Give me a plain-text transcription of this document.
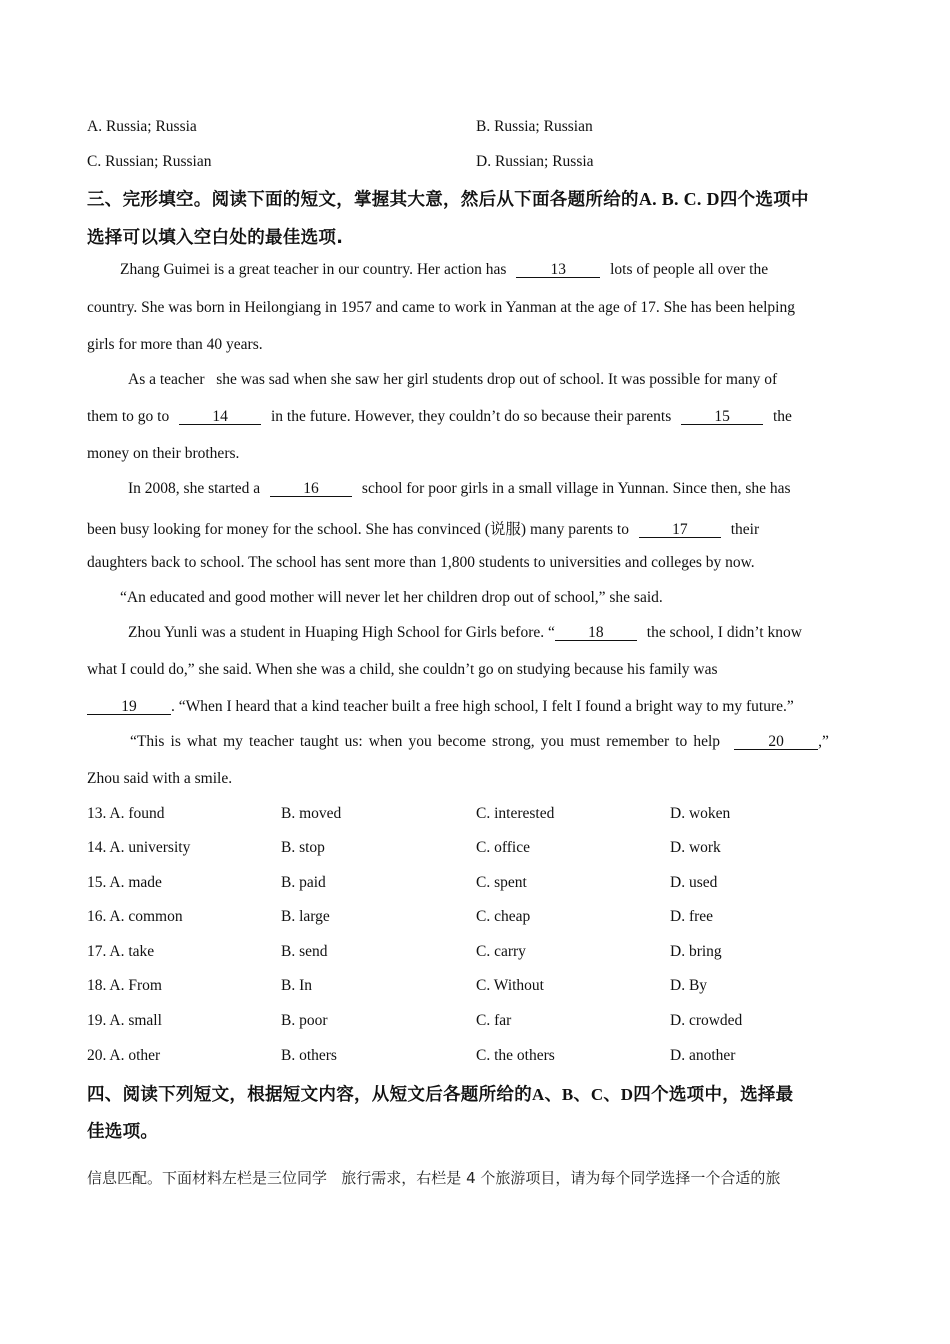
A. Russia; Russia	B. Russia; Russian
C. Russian; Russian	D. Russian; Russia
三、完形填空。阅读下面的短文，掌握其大意，然后从下面各题所给的A. B. C. D四个选项中
选择可以填入空白处的最佳选项.
Zhang Guimei is a great teacher in our country. Her action has	13	lots of people all over the
country. She was born in Heilongiang in 1957 and came to work in Yanman at the age of 17. She has been helping
girls for more than 40 years.
As a teacher   she was sad when she saw her girl students drop out of school. It was possible for many of
them to go to	14	in the future. However, they couldn’t do so because their parents	15	the
money on their brothers.
In 2008, she started a	16	school for poor girls in a small village in Yunnan. Since then, she has
been busy looking for money for the school. She has convinced (说服) many parents to	17	their
daughters back to school. The school has sent more than 1,800 students to universities and colleges by now.
“An educated and good mother will never let her children drop out of school,” she said.
Zhou Yunli was a student in Huaping High School for Girls before. “ 18	the school, I didn’t know
what I could do,” she said. When she was a child, she couldn’t go on studying because his family was
19 . “When I heard that a kind teacher built a free high school, I felt I found a bright way to my future.”
“This is what my teacher taught us: when you become strong, you must remember to help	20 ,”
Zhou said with a smile.
13. A. found	B. moved	C. interested	D. woken
14. A. university	B. stop	C. office	D. work
15. A. made	B. paid	C. spent	D. used
16. A. common	B. large	C. cheap	D. free
17. A. take	B. send	C. carry	D. bring
18. A. From	B. In	C. Without	D. By
19. A. small	B. poor	C. far	D. crowded
20. A. other	B. others	C. the others	D. another
四、阅读下列短文，根据短文内容，从短文后各题所给的A、B、C、D四个选项中，选择最
佳选项。
信息匹配。下面材料左栏是三位同学   旅行需求，右栏是 4 个旅游项目，请为每个同学选择一个合适的旅
